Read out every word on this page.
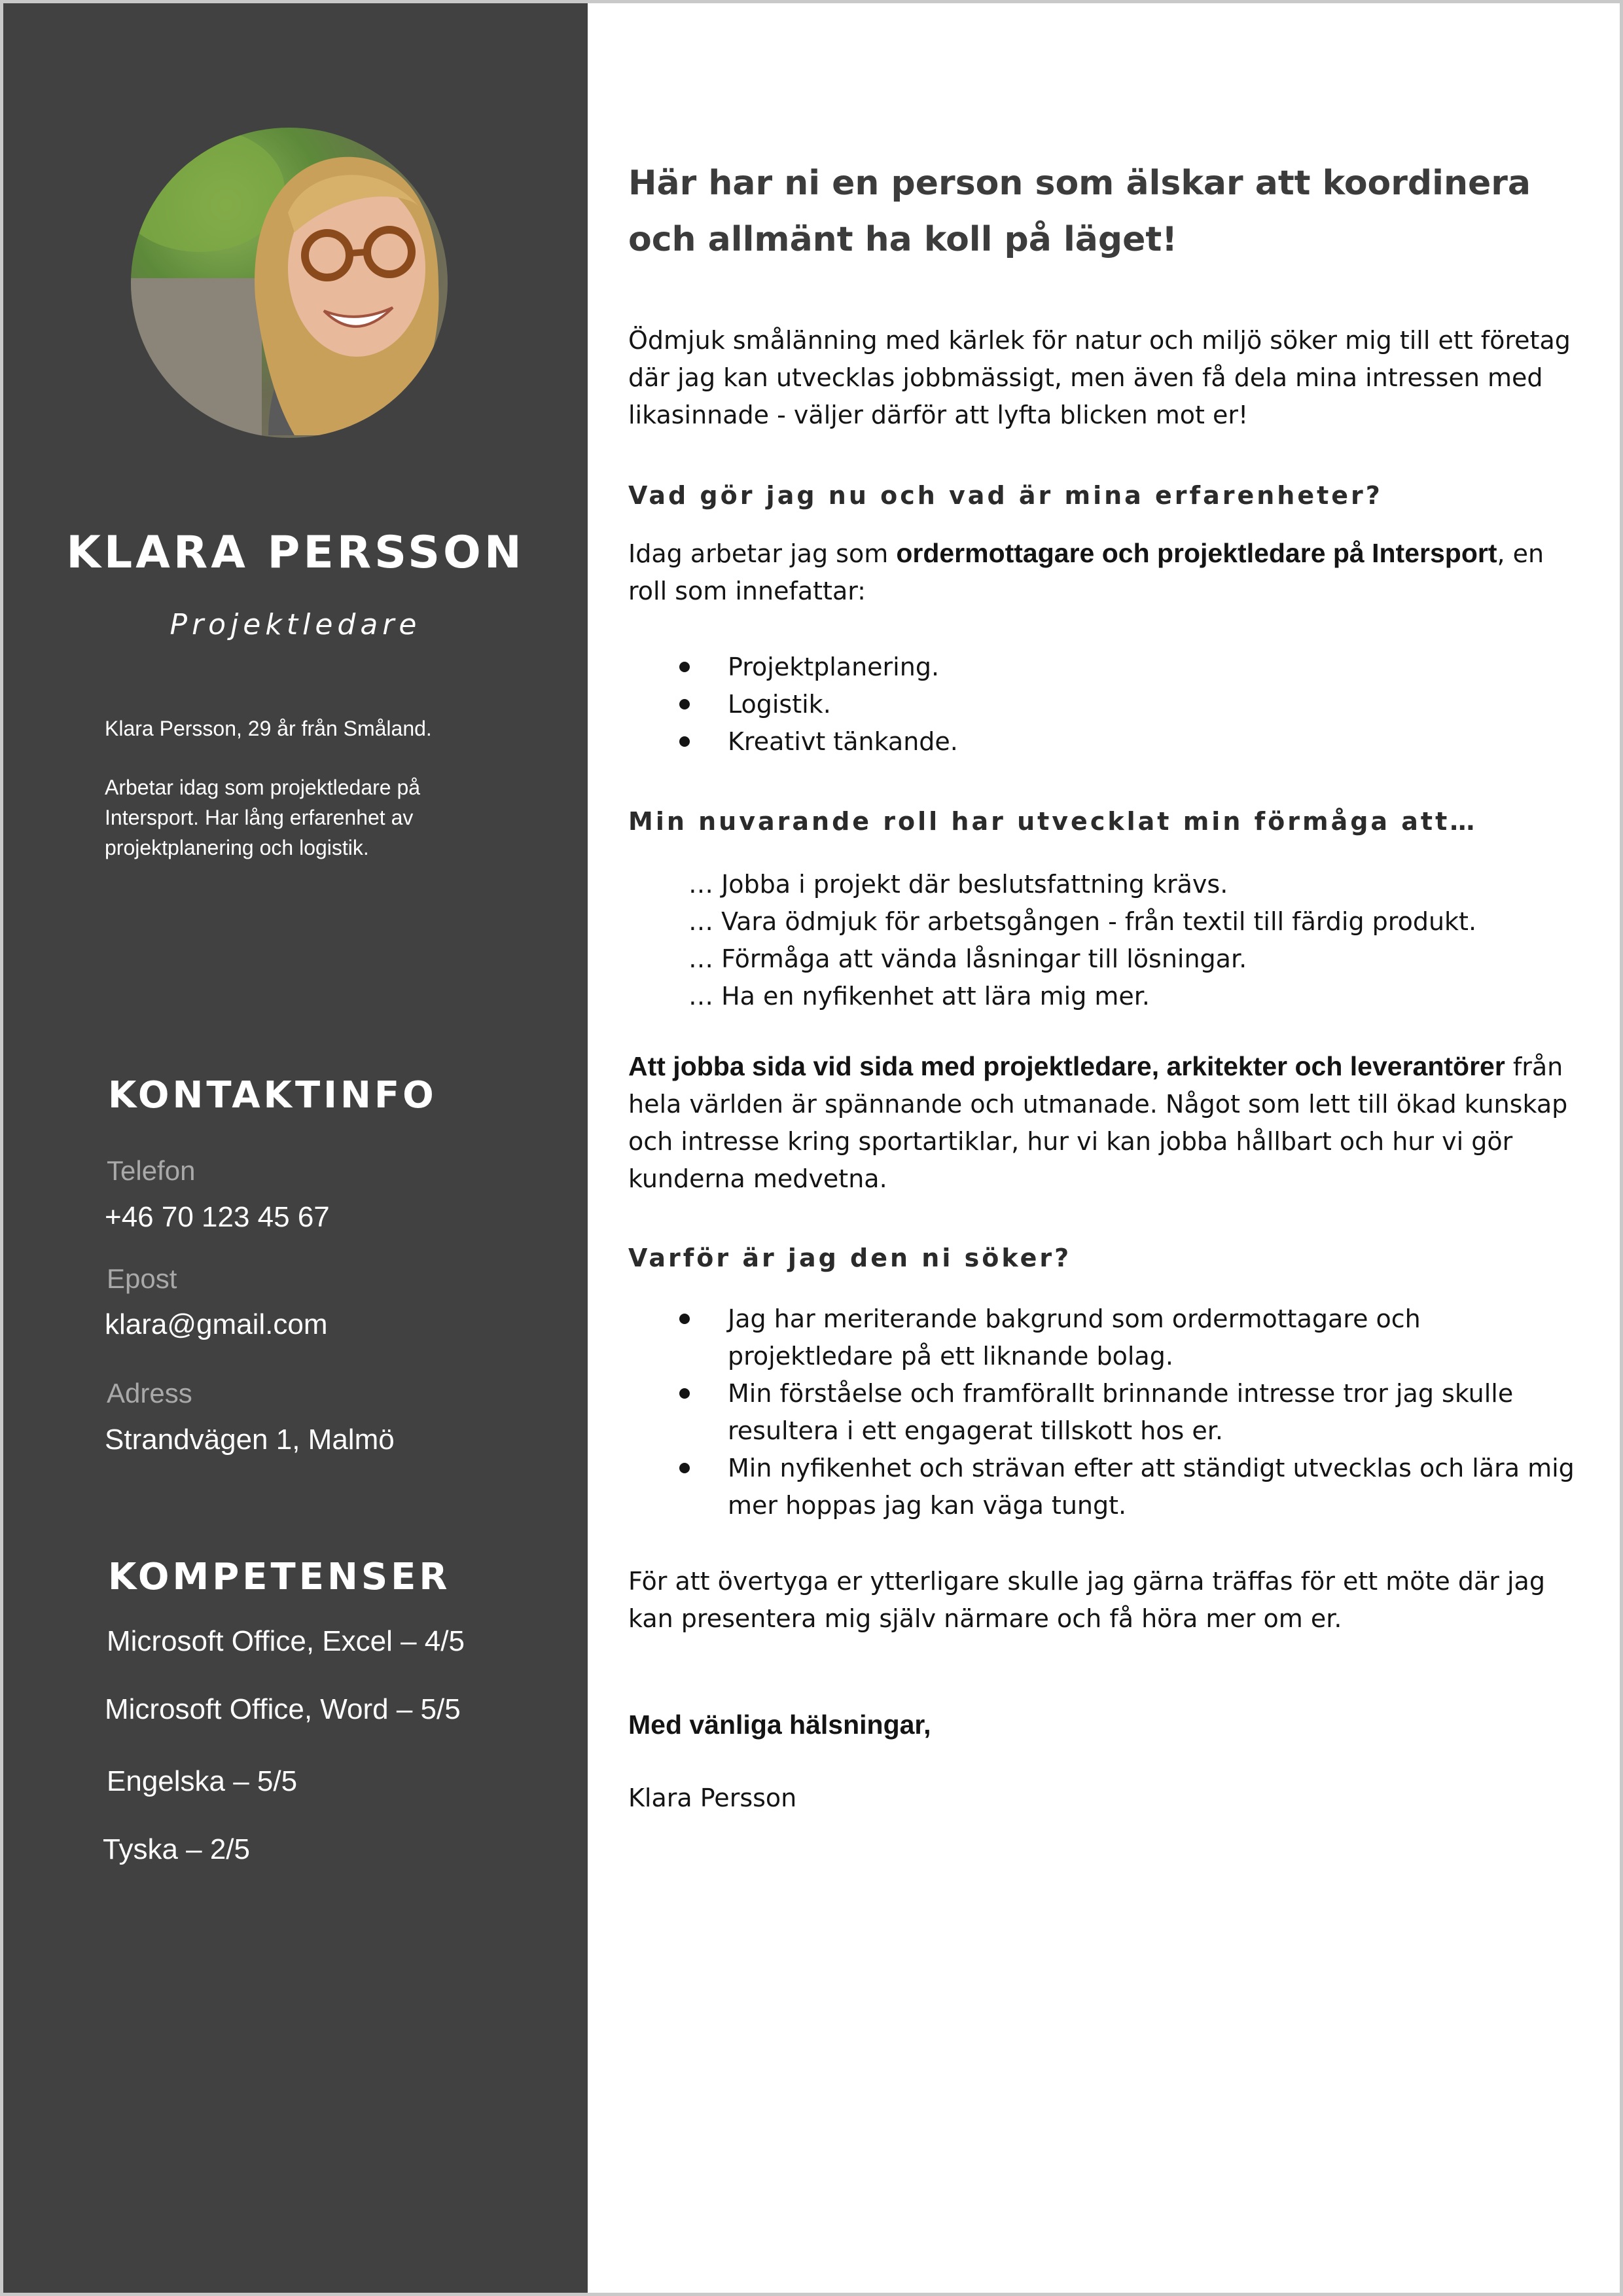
KLARA PERSSON
Projektledare

Klara Persson, 29 år från Småland.

Arbetar idag som projektledare på Intersport. Har lång erfarenhet av projektplanering och logistik.

KONTAKTINFO
Telefon
+46 70 123 45 67
Epost
klara@gmail.com
Adress
Strandvägen 1, Malmö
KOMPETENSER
Microsoft Office, Excel – 4/5
Microsoft Office, Word – 5/5
Engelska – 5/5
Tyska – 2/5
Här har ni en person som älskar att koordinera
och allmänt ha koll på läget!
Ödmjuk smålänning med kärlek för natur och miljö söker mig till ett företag där jag kan utvecklas jobbmässigt, men även få dela mina intressen med likasinnade - väljer därför att lyfta blicken mot er!
Vad gör jag nu och vad är mina erfarenheter?
Idag arbetar jag som ordermottagare och projektledare på Intersport, en roll som innefattar:
Projektplanering.
Logistik.
Kreativt tänkande.
Min nuvarande roll har utvecklat min förmåga att…
… Jobba i projekt där beslutsfattning krävs.
… Vara ödmjuk för arbetsgången - från textil till färdig produkt.
… Förmåga att vända låsningar till lösningar.
… Ha en nyfikenhet att lära mig mer.
Att jobba sida vid sida med projektledare, arkitekter och leverantörer från hela världen är spännande och utmanade. Något som lett till ökad kunskap och intresse kring sportartiklar, hur vi kan jobba hållbart och hur vi gör kunderna medvetna.
Varför är jag den ni söker?
Jag har meriterande bakgrund som ordermottagare och projektledare på ett liknande bolag.
Min förståelse och framförallt brinnande intresse tror jag skulle resultera i ett engagerat tillskott hos er.
Min nyfikenhet och strävan efter att ständigt utvecklas och lära mig mer hoppas jag kan väga tungt.
För att övertyga er ytterligare skulle jag gärna träffas för ett möte där jag kan presentera mig själv närmare och få höra mer om er.
Med vänliga hälsningar,
Klara Persson
